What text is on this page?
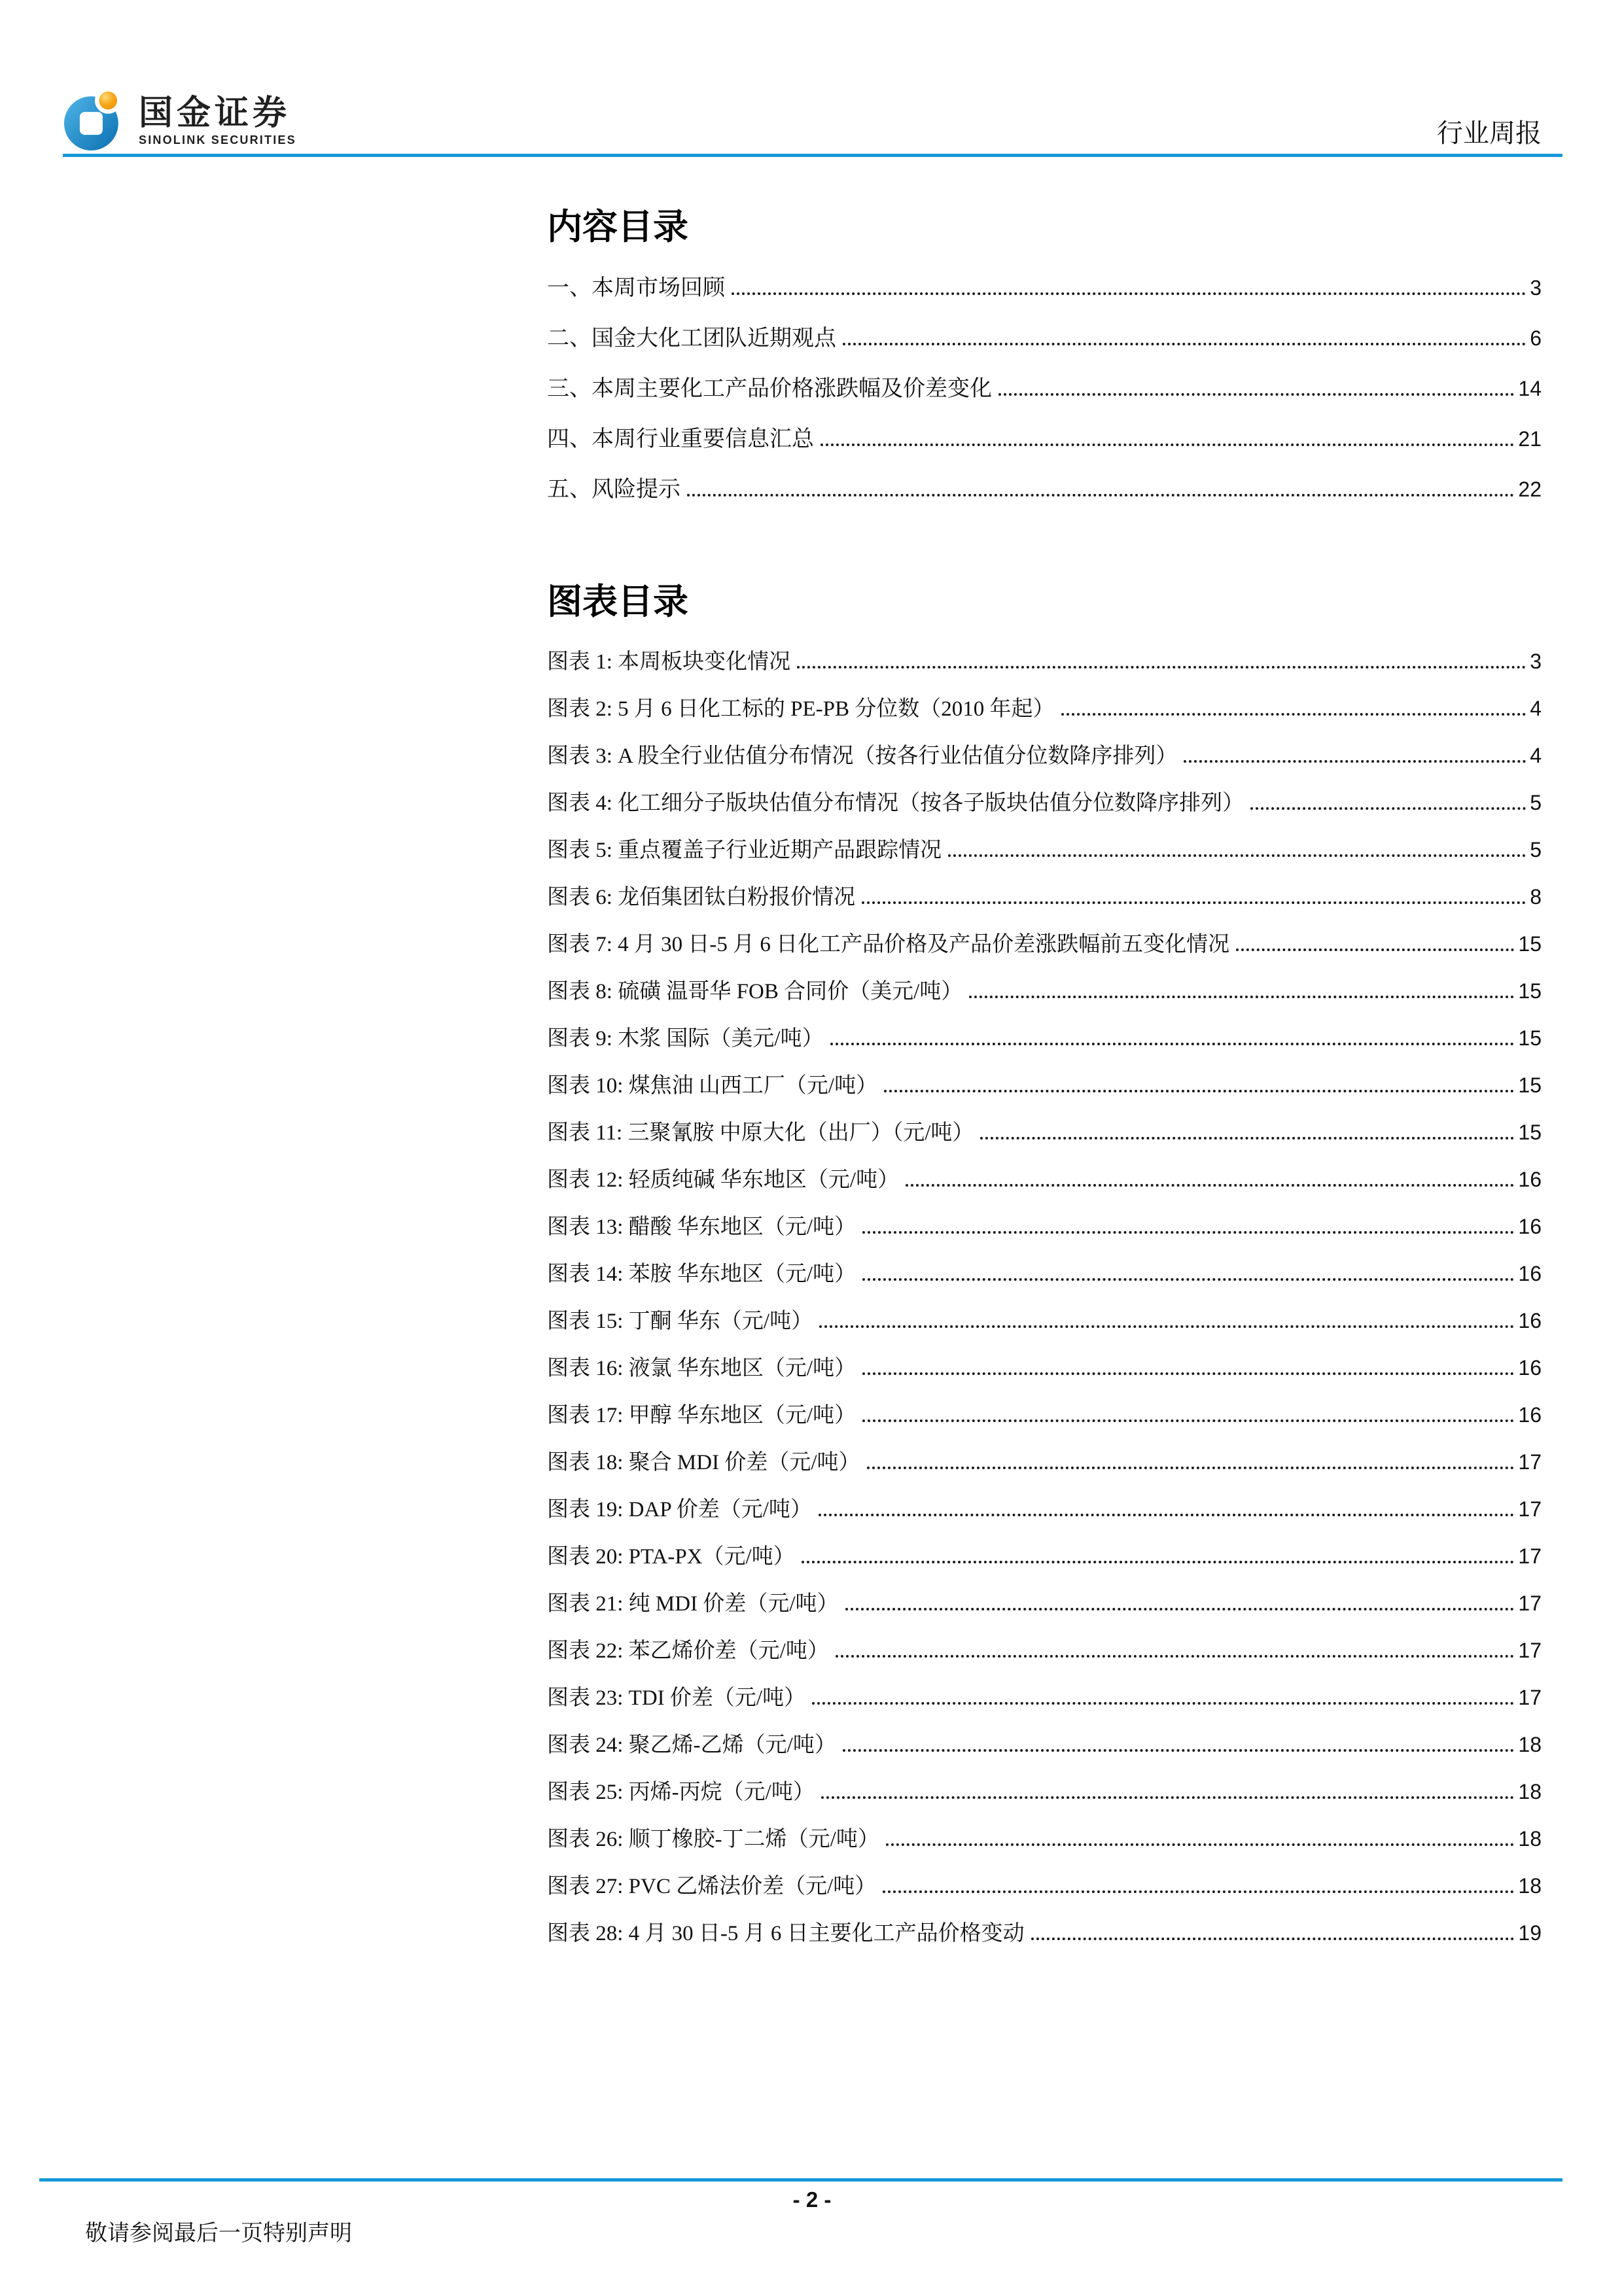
国金证券
SINOLINK SECURITIES	行业周报
内容目录
一、本周市场回顾	3
二、国金大化工团队近期观点	6
三、本周主要化工产品价格涨跌幅及价差变化	14
四、本周行业重要信息汇总	21
五、风险提示	22
图表目录
图表 1: 本周板块变化情况	3
图表 2: 5 月 6 日化工标的 PE-PB 分位数（2010 年起）	4
图表 3: A 股全行业估值分布情况（按各行业估值分位数降序排列）	4
图表 4: 化工细分子版块估值分布情况（按各子版块估值分位数降序排列）	5
图表 5: 重点覆盖子行业近期产品跟踪情况	5
图表 6: 龙佰集团钛白粉报价情况	8
图表 7: 4 月 30 日-5 月 6 日化工产品价格及产品价差涨跌幅前五变化情况	15
图表 8: 硫磺 温哥华 FOB 合同价（美元/吨）	15
图表 9: 木浆 国际（美元/吨）	15
图表 10: 煤焦油 山西工厂（元/吨）	15
图表 11: 三聚氰胺 中原大化（出厂）（元/吨）	15
图表 12: 轻质纯碱 华东地区（元/吨）	16
图表 13: 醋酸 华东地区（元/吨）	16
图表 14: 苯胺 华东地区（元/吨）	16
图表 15: 丁酮 华东（元/吨）	16
图表 16: 液氯 华东地区（元/吨）	16
图表 17: 甲醇 华东地区（元/吨）	16
图表 18: 聚合 MDI 价差（元/吨）	17
图表 19: DAP 价差（元/吨）	17
图表 20: PTA-PX（元/吨）	17
图表 21: 纯 MDI 价差（元/吨）	17
图表 22: 苯乙烯价差（元/吨）	17
图表 23: TDI 价差（元/吨）	17
图表 24: 聚乙烯-乙烯（元/吨）	18
图表 25: 丙烯-丙烷（元/吨）	18
图表 26: 顺丁橡胶-丁二烯（元/吨）	18
图表 27: PVC 乙烯法价差（元/吨）	18
图表 28: 4 月 30 日-5 月 6 日主要化工产品价格变动	19
- 2 -
敬请参阅最后一页特别声明
